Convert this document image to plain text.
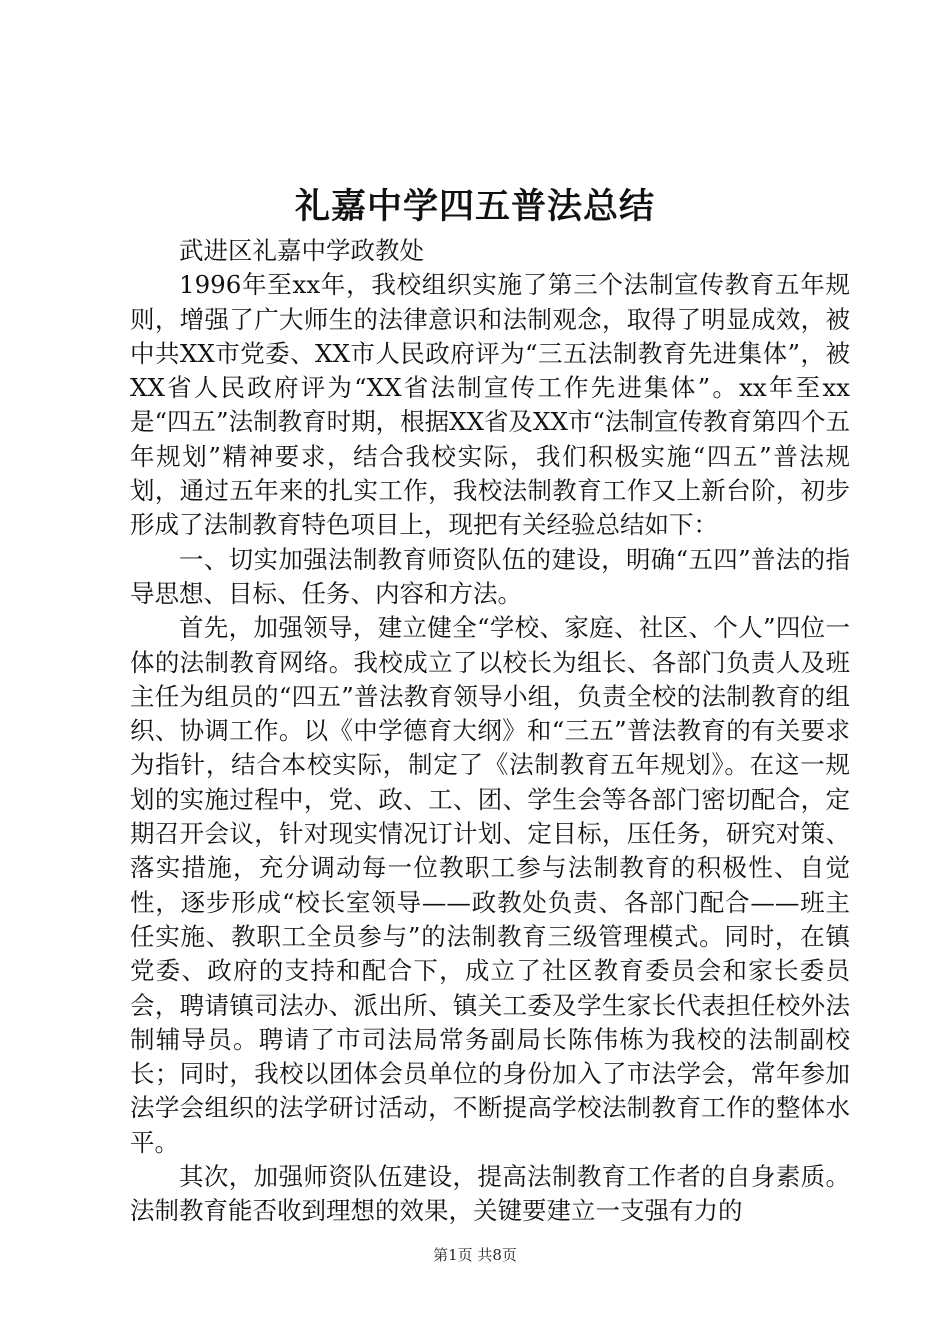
礼嘉中学四五普法总结

武进区礼嘉中学政教处

1996年至xx年，我校组织实施了第三个法制宣传教育五年规则，增强了广大师生的法律意识和法制观念，取得了明显成效，被中共XX市党委、XX市人民政府评为“三五法制教育先进集体”，被XX省人民政府评为“XX省法制宣传工作先进集体”。xx年至xx是“四五”法制教育时期，根据XX省及XX市“法制宣传教育第四个五年规划”精神要求，结合我校实际，我们积极实施“四五”普法规划，通过五年来的扎实工作，我校法制教育工作又上新台阶，初步形成了法制教育特色项目上，现把有关经验总结如下：

一、切实加强法制教育师资队伍的建设，明确“五四”普法的指导思想、目标、任务、内容和方法。

首先，加强领导，建立健全“学校、家庭、社区、个人”四位一体的法制教育网络。我校成立了以校长为组长、各部门负责人及班主任为组员的“四五”普法教育领导小组，负责全校的法制教育的组织、协调工作。以《中学德育大纲》和“三五”普法教育的有关要求为指针，结合本校实际，制定了《法制教育五年规划》。在这一规划的实施过程中，党、政、工、团、学生会等各部门密切配合，定期召开会议，针对现实情况订计划、定目标，压任务，研究对策、落实措施，充分调动每一位教职工参与法制教育的积极性、自觉性，逐步形成“校长室领导——政教处负责、各部门配合——班主任实施、教职工全员参与”的法制教育三级管理模式。同时，在镇党委、政府的支持和配合下，成立了社区教育委员会和家长委员会，聘请镇司法办、派出所、镇关工委及学生家长代表担任校外法制辅导员。聘请了市司法局常务副局长陈伟栋为我校的法制副校长；同时，我校以团体会员单位的身份加入了市法学会，常年参加法学会组织的法学研讨活动，不断提高学校法制教育工作的整体水平。

其次，加强师资队伍建设，提高法制教育工作者的自身素质。法制教育能否收到理想的效果，关键要建立一支强有力的

第1页 共8页
